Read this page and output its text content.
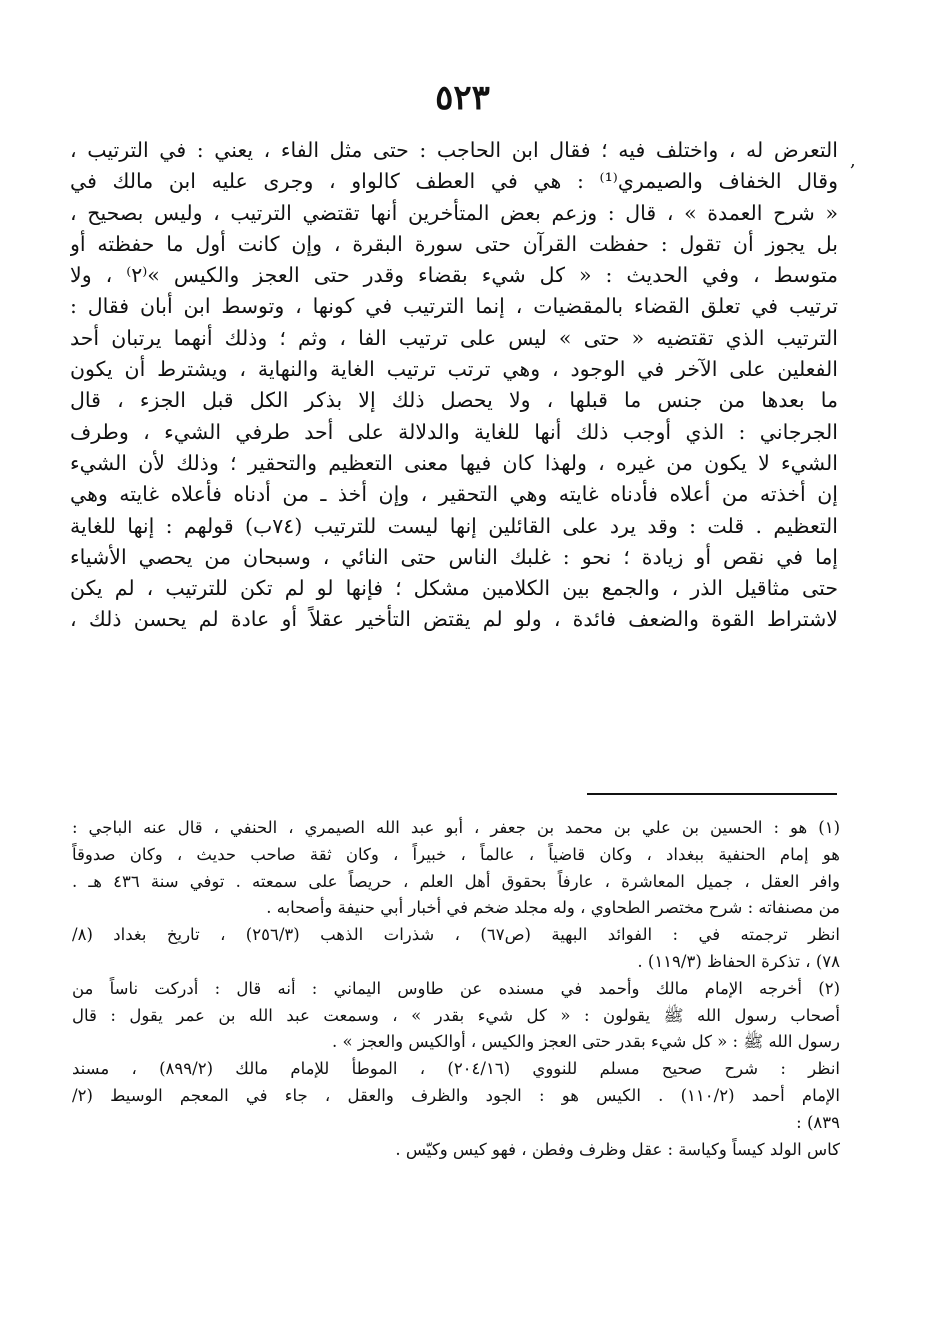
٥٢٣
,
التعرض له ، واختلف فيه ؛ فقال ابن الحاجب : حتى مثل الفاء ، يعني : في الترتيب ،
وقال الخفاف والصيمري⁽¹⁾ : هي في العطف كالواو ، وجرى عليه ابن مالك في
« شرح العمدة » ، قال : وزعم بعض المتأخرين أنها تقتضي الترتيب ، وليس بصحيح ،
بل يجوز أن تقول : حفظت القرآن حتى سورة البقرة ، وإن كانت أول ما حفظته أو
متوسط ، وفي الحديث : « كل شيء بقضاء وقدر حتى العجز والكيس »⁽٢⁾ ، ولا
ترتيب في تعلق القضاء بالمقضيات ، إنما الترتيب في كونها ، وتوسط ابن أبان فقال :
الترتيب الذي تقتضيه « حتى » ليس على ترتيب الفا ، وثم ؛ وذلك أنهما يرتبان أحد
الفعلين على الآخر في الوجود ، وهي ترتب ترتيب الغاية والنهاية ، ويشترط أن يكون
ما بعدها من جنس ما قبلها ، ولا يحصل ذلك إلا بذكر الكل قبل الجزء ، قال
الجرجاني : الذي أوجب ذلك أنها للغاية والدلالة على أحد طرفي الشيء ، وطرف
الشيء لا يكون من غيره ، ولهذا كان فيها معنى التعظيم والتحقير ؛ وذلك لأن الشيء
إن أخذته من أعلاه فأدناه غايته وهي التحقير ، وإن أخذ ـ من أدناه فأعلاه غايته وهي
التعظيم . قلت : وقد يرد على القائلين إنها ليست للترتيب (٧٤ب) قولهم : إنها للغاية
إما في نقص أو زيادة ؛ نحو : غلبك الناس حتى النائي ، وسبحان من يحصي الأشياء
حتى مثاقيل الذر ، والجمع بين الكلامين مشكل ؛ فإنها لو لم تكن للترتيب ، لم يكن
لاشتراط القوة والضعف فائدة ، ولو لم يقتض التأخير عقلاً أو عادة لم يحسن ذلك ،
(١) هو : الحسين بن علي بن محمد بن جعفر ، أبو عبد الله الصيمري ، الحنفي ، قال عنه الباجي :
هو إمام الحنفية ببغداد ، وكان قاضياً ، عالماً ، خبيراً ، وكان ثقة صاحب حديث ، وكان صدوقاً
وافر العقل ، جميل المعاشرة ، عارفاً بحقوق أهل العلم ، حريصاً على سمعته . توفي سنة ٤٣٦ هـ .
من مصنفاته : شرح مختصر الطحاوي ، وله مجلد ضخم في أخبار أبي حنيفة وأصحابه .
انظر ترجمته في : الفوائد البهية (ص٦٧) ، شذرات الذهب (٢٥٦/٣) ، تاريخ بغداد (٨/
٧٨) ، تذكرة الحفاظ (١١٩/٣) .
(٢) أخرجه الإمام مالك وأحمد في مسنده عن طاوس اليماني : أنه قال : أدركت ناساً من
أصحاب رسول الله ﷺ يقولون : « كل شيء بقدر » ، وسمعت عبد الله بن عمر يقول : قال
رسول الله ﷺ : « كل شيء بقدر حتى العجز والكيس ، أوالكيس والعجز » .
انظر : شرح صحيح مسلم للنووي (٢٠٤/١٦) ، الموطأ للإمام مالك (٨٩٩/٢) ، مسند
الإمام أحمد (١١٠/٢) . الكيس هو : الجود والظرف والعقل ، جاء في المعجم الوسيط (٢/
٨٣٩) :
كاس الولد كيساً وكياسة : عقل وظرف وفطن ، فهو كيس وكيّس .
